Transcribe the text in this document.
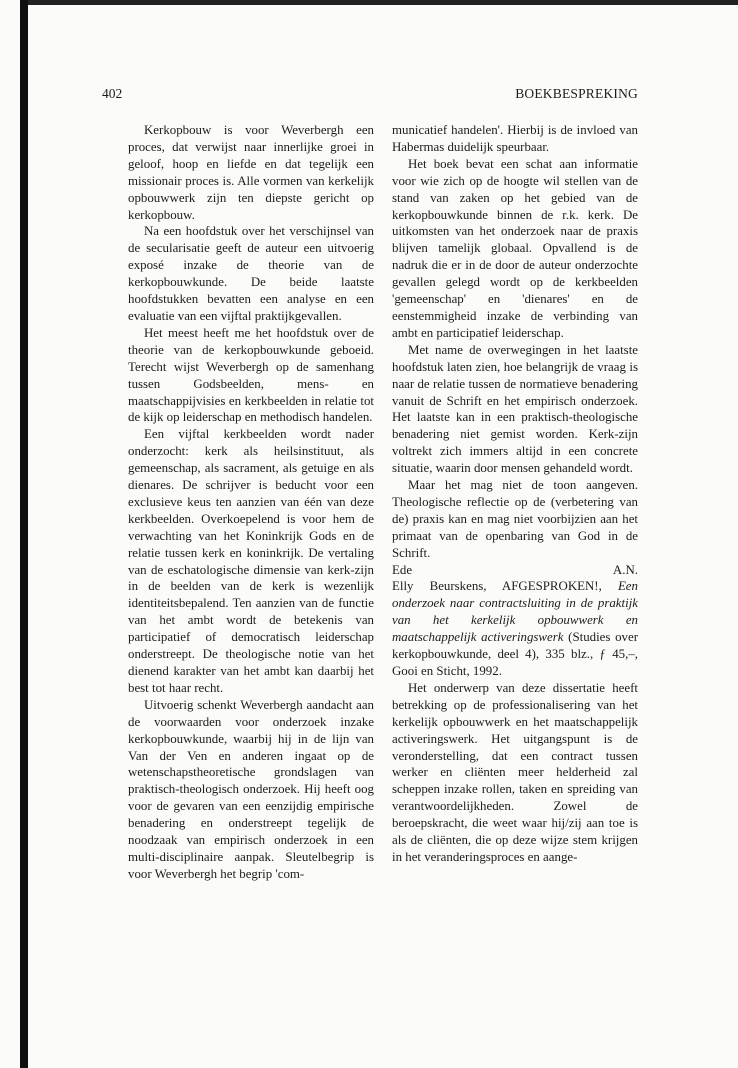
402	BOEKBESPREKING

Kerkopbouw is voor Weverbergh een proces, dat verwijst naar innerlijke groei in geloof, hoop en liefde en dat tegelijk een missionair proces is. Alle vormen van kerkelijk opbouwwerk zijn ten diepste gericht op kerkopbouw.

Na een hoofdstuk over het verschijnsel van de secularisatie geeft de auteur een uitvoerig exposé inzake de theorie van de kerkopbouwkunde. De beide laatste hoofdstukken bevatten een analyse en een evaluatie van een vijftal praktijkgevallen.

Het meest heeft me het hoofdstuk over de theorie van de kerkopbouwkunde geboeid. Terecht wijst Weverbergh op de samenhang tussen Godsbeelden, mens- en maatschappijvisies en kerkbeelden in relatie tot de kijk op leiderschap en methodisch handelen.

Een vijftal kerkbeelden wordt nader onderzocht: kerk als heilsinstituut, als gemeenschap, als sacrament, als getuige en als dienares. De schrijver is beducht voor een exclusieve keus ten aanzien van één van deze kerkbeelden. Overkoepelend is voor hem de verwachting van het Koninkrijk Gods en de relatie tussen kerk en koninkrijk. De vertaling van de eschatologische dimensie van kerk-zijn in de beelden van de kerk is wezenlijk identiteitsbepalend. Ten aanzien van de functie van het ambt wordt de betekenis van participatief of democratisch leiderschap onderstreept. De theologische notie van het dienend karakter van het ambt kan daarbij het best tot haar recht.

Uitvoerig schenkt Weverbergh aandacht aan de voorwaarden voor onderzoek inzake kerkopbouwkunde, waarbij hij in de lijn van Van der Ven en anderen ingaat op de wetenschapstheoretische grondslagen van praktisch-theologisch onderzoek. Hij heeft oog voor de gevaren van een eenzijdig empirische benadering en onderstreept tegelijk de noodzaak van empirisch onderzoek in een multi-disciplinaire aanpak. Sleutelbegrip is voor Weverbergh het begrip 'com-

municatief handelen'. Hierbij is de invloed van Habermas duidelijk speurbaar.

Het boek bevat een schat aan informatie voor wie zich op de hoogte wil stellen van de stand van zaken op het gebied van de kerkopbouwkunde binnen de r.k. kerk. De uitkomsten van het onderzoek naar de praxis blijven tamelijk globaal. Opvallend is de nadruk die er in de door de auteur onderzochte gevallen gelegd wordt op de kerkbeelden 'gemeenschap' en 'dienares' en de eenstemmigheid inzake de verbinding van ambt en participatief leiderschap.

Met name de overwegingen in het laatste hoofdstuk laten zien, hoe belangrijk de vraag is naar de relatie tussen de normatieve benadering vanuit de Schrift en het empirisch onderzoek. Het laatste kan in een praktisch-theologische benadering niet gemist worden. Kerk-zijn voltrekt zich immers altijd in een concrete situatie, waarin door mensen gehandeld wordt.

Maar het mag niet de toon aangeven. Theologische reflectie op de (verbetering van de) praxis kan en mag niet voorbijzien aan het primaat van de openbaring van God in de Schrift.

Ede	A.N.

Elly Beurskens, AFGESPROKEN!, Een onderzoek naar contractsluiting in de praktijk van het kerkelijk opbouwwerk en maatschappelijk activeringswerk (Studies over kerkopbouwkunde, deel 4), 335 blz., ƒ 45,–, Gooi en Sticht, 1992.

Het onderwerp van deze dissertatie heeft betrekking op de professionalisering van het kerkelijk opbouwwerk en het maatschappelijk activeringswerk. Het uitgangspunt is de veronderstelling, dat een contract tussen werker en cliënten meer helderheid zal scheppen inzake rollen, taken en spreiding van verantwoordelijkheden. Zowel de beroepskracht, die weet waar hij/zij aan toe is als de cliënten, die op deze wijze stem krijgen in het veranderingsproces en aange-
